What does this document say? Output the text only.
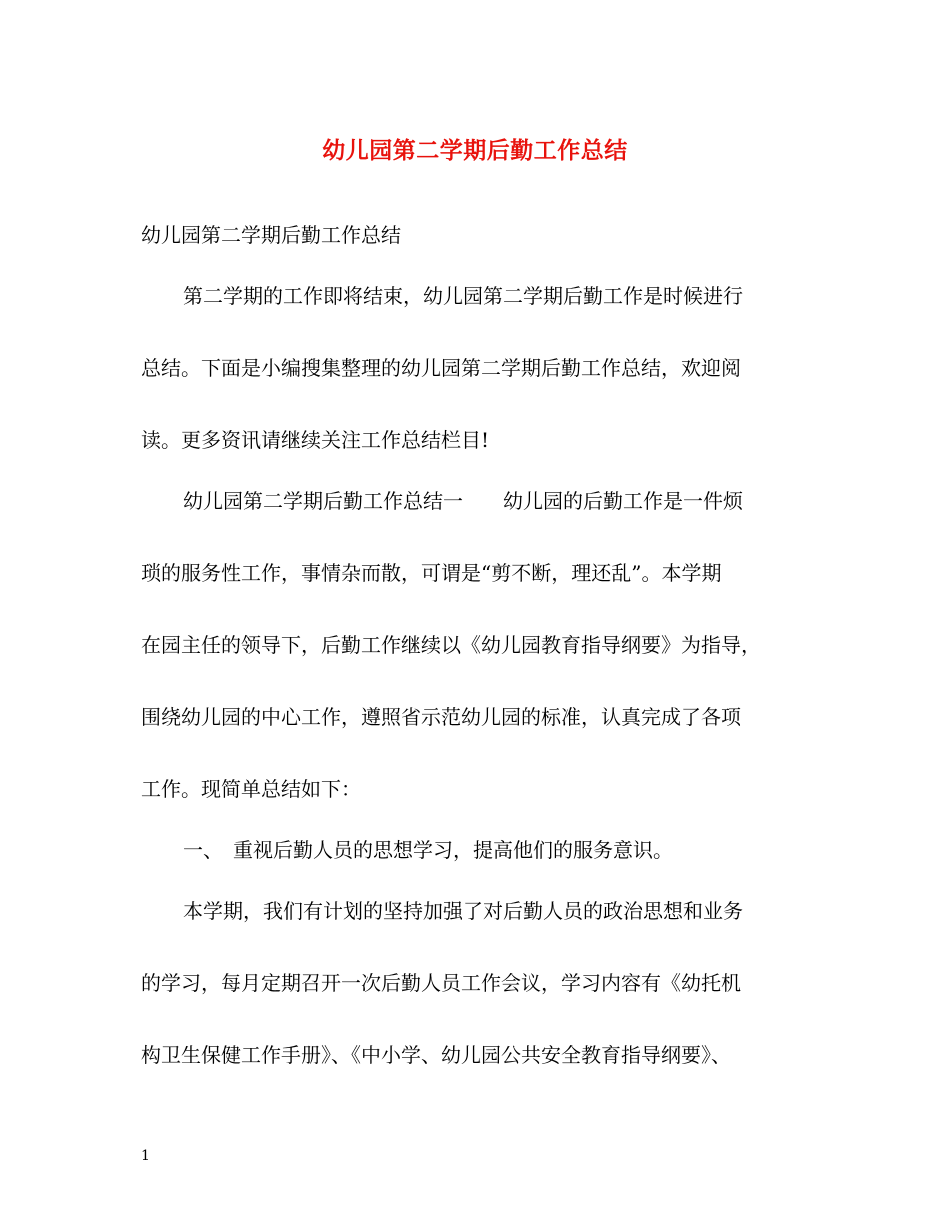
幼儿园第二学期后勤工作总结
幼儿园第二学期后勤工作总结
第二学期的工作即将结束，幼儿园第二学期后勤工作是时候进行
总结。下面是小编搜集整理的幼儿园第二学期后勤工作总结，欢迎阅
读。更多资讯请继续关注工作总结栏目!
幼儿园第二学期后勤工作总结一　　幼儿园的后勤工作是一件烦
琐的服务性工作，事情杂而散，可谓是“剪不断，理还乱”。本学期
在园主任的领导下，后勤工作继续以《幼儿园教育指导纲要》为指导，
围绕幼儿园的中心工作，遵照省示范幼儿园的标准，认真完成了各项
工作。现简单总结如下：
一、　重视后勤人员的思想学习，提高他们的服务意识。
本学期，我们有计划的坚持加强了对后勤人员的政治思想和业务
的学习，每月定期召开一次后勤人员工作会议，学习内容有《幼托机
构卫生保健工作手册》、《中小学、幼儿园公共安全教育指导纲要》、
1
